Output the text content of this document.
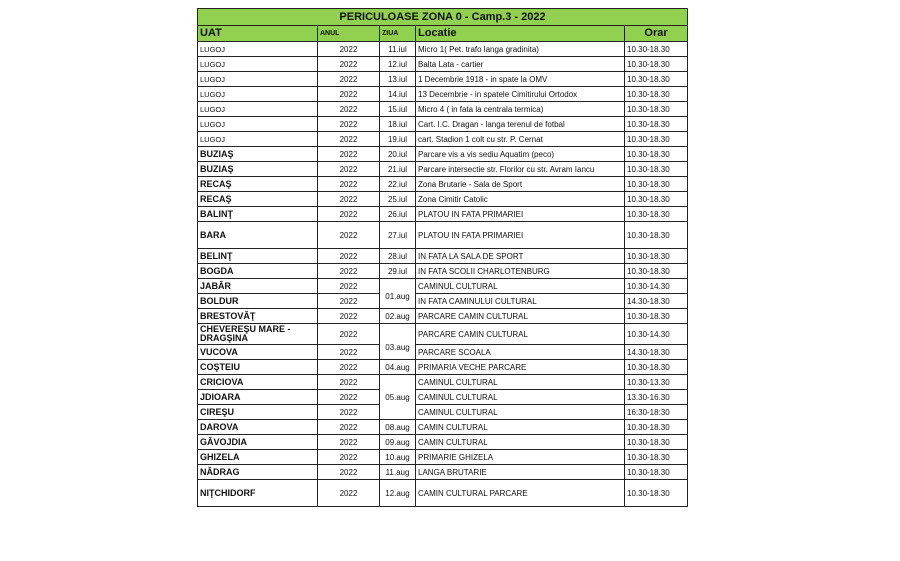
PERICULOASE ZONA 0 - Camp.3 - 2022				
UAT	ANUL	ZIUA	Locatie	Orar
LUGOJ	2022	11.iul	Micro 1( Pet. trafo langa gradinita)	10.30-18.30
LUGOJ	2022	12.iul	Balta Lata - cartier	10.30-18.30
LUGOJ	2022	13.iul	1 Decembrie 1918 - in spate la OMV	10.30-18.30
LUGOJ	2022	14.iul	13 Decembrie - in spatele Cimitirului Ortodox	10.30-18.30
LUGOJ	2022	15.iul	Micro 4 ( in fata la centrala termica)	10.30-18.30
LUGOJ	2022	18.iul	Cart. I.C. Dragan - langa terenul de fotbal	10.30-18.30
LUGOJ	2022	19.iul	cart. Stadion 1 colt cu str. P. Cernat	10.30-18.30
BUZIAŞ	2022	20.iul	Parcare vis a vis sediu Aquatim (peco)	10.30-18.30
BUZIAŞ	2022	21.iul	Parcare intersectie str. Florilor cu str. Avram Iancu	10.30-18.30
RECAŞ	2022	22.iul	Zona Brutarie - Sala de Sport	10.30-18.30
RECAŞ	2022	25.iul	Zona Cimitir Catolic	10.30-18.30
BALINŢ	2022	26.iul	PLATOU IN FATA PRIMARIEI	10.30-18.30
BARA	2022	27.iul	PLATOU IN FATA PRIMARIEI	10.30-18.30
BELINŢ	2022	28.iul	IN FATA LA SALA DE SPORT	10.30-18.30
BOGDA	2022	29.iul	IN FATA SCOLII CHARLOTENBURG	10.30-18.30
JABĂR	2022	01.aug	CAMINUL CULTURAL	10.30-14.30
BOLDUR	2022		IN FATA CAMINULUI CULTURAL	14.30-18.30
BRESTOVĂŢ	2022	02.aug	PARCARE CAMIN CULTURAL	10.30-18.30
CHEVEREŞU MARE - DRAGŞINA	2022	03.aug	PARCARE CAMIN CULTURAL	10.30-14.30
VUCOVA	2022		PARCARE SCOALA	14.30-18.30
COŞTEIU	2022	04.aug	PRIMARIA VECHE PARCARE	10.30-18.30
CRICIOVA	2022		CAMINUL CULTURAL	10.30-13.30
JDIOARA	2022	05.aug	CAMINUL CULTURAL	13.30-16.30
CIREŞU	2022		CAMINUL CULTURAL	16:30-18:30
DAROVA	2022	08.aug	CAMIN CULTURAL	10.30-18.30
GĂVOJDIA	2022	09.aug	CAMIN CULTURAL	10.30-18.30
GHIZELA	2022	10.aug	PRIMARIE GHIZELA	10.30-18.30
NĂDRAG	2022	11.aug	LANGA BRUTARIE	10.30-18.30
NIŢCHIDORF	2022	12.aug	CAMIN CULTURAL PARCARE	10.30-18.30
